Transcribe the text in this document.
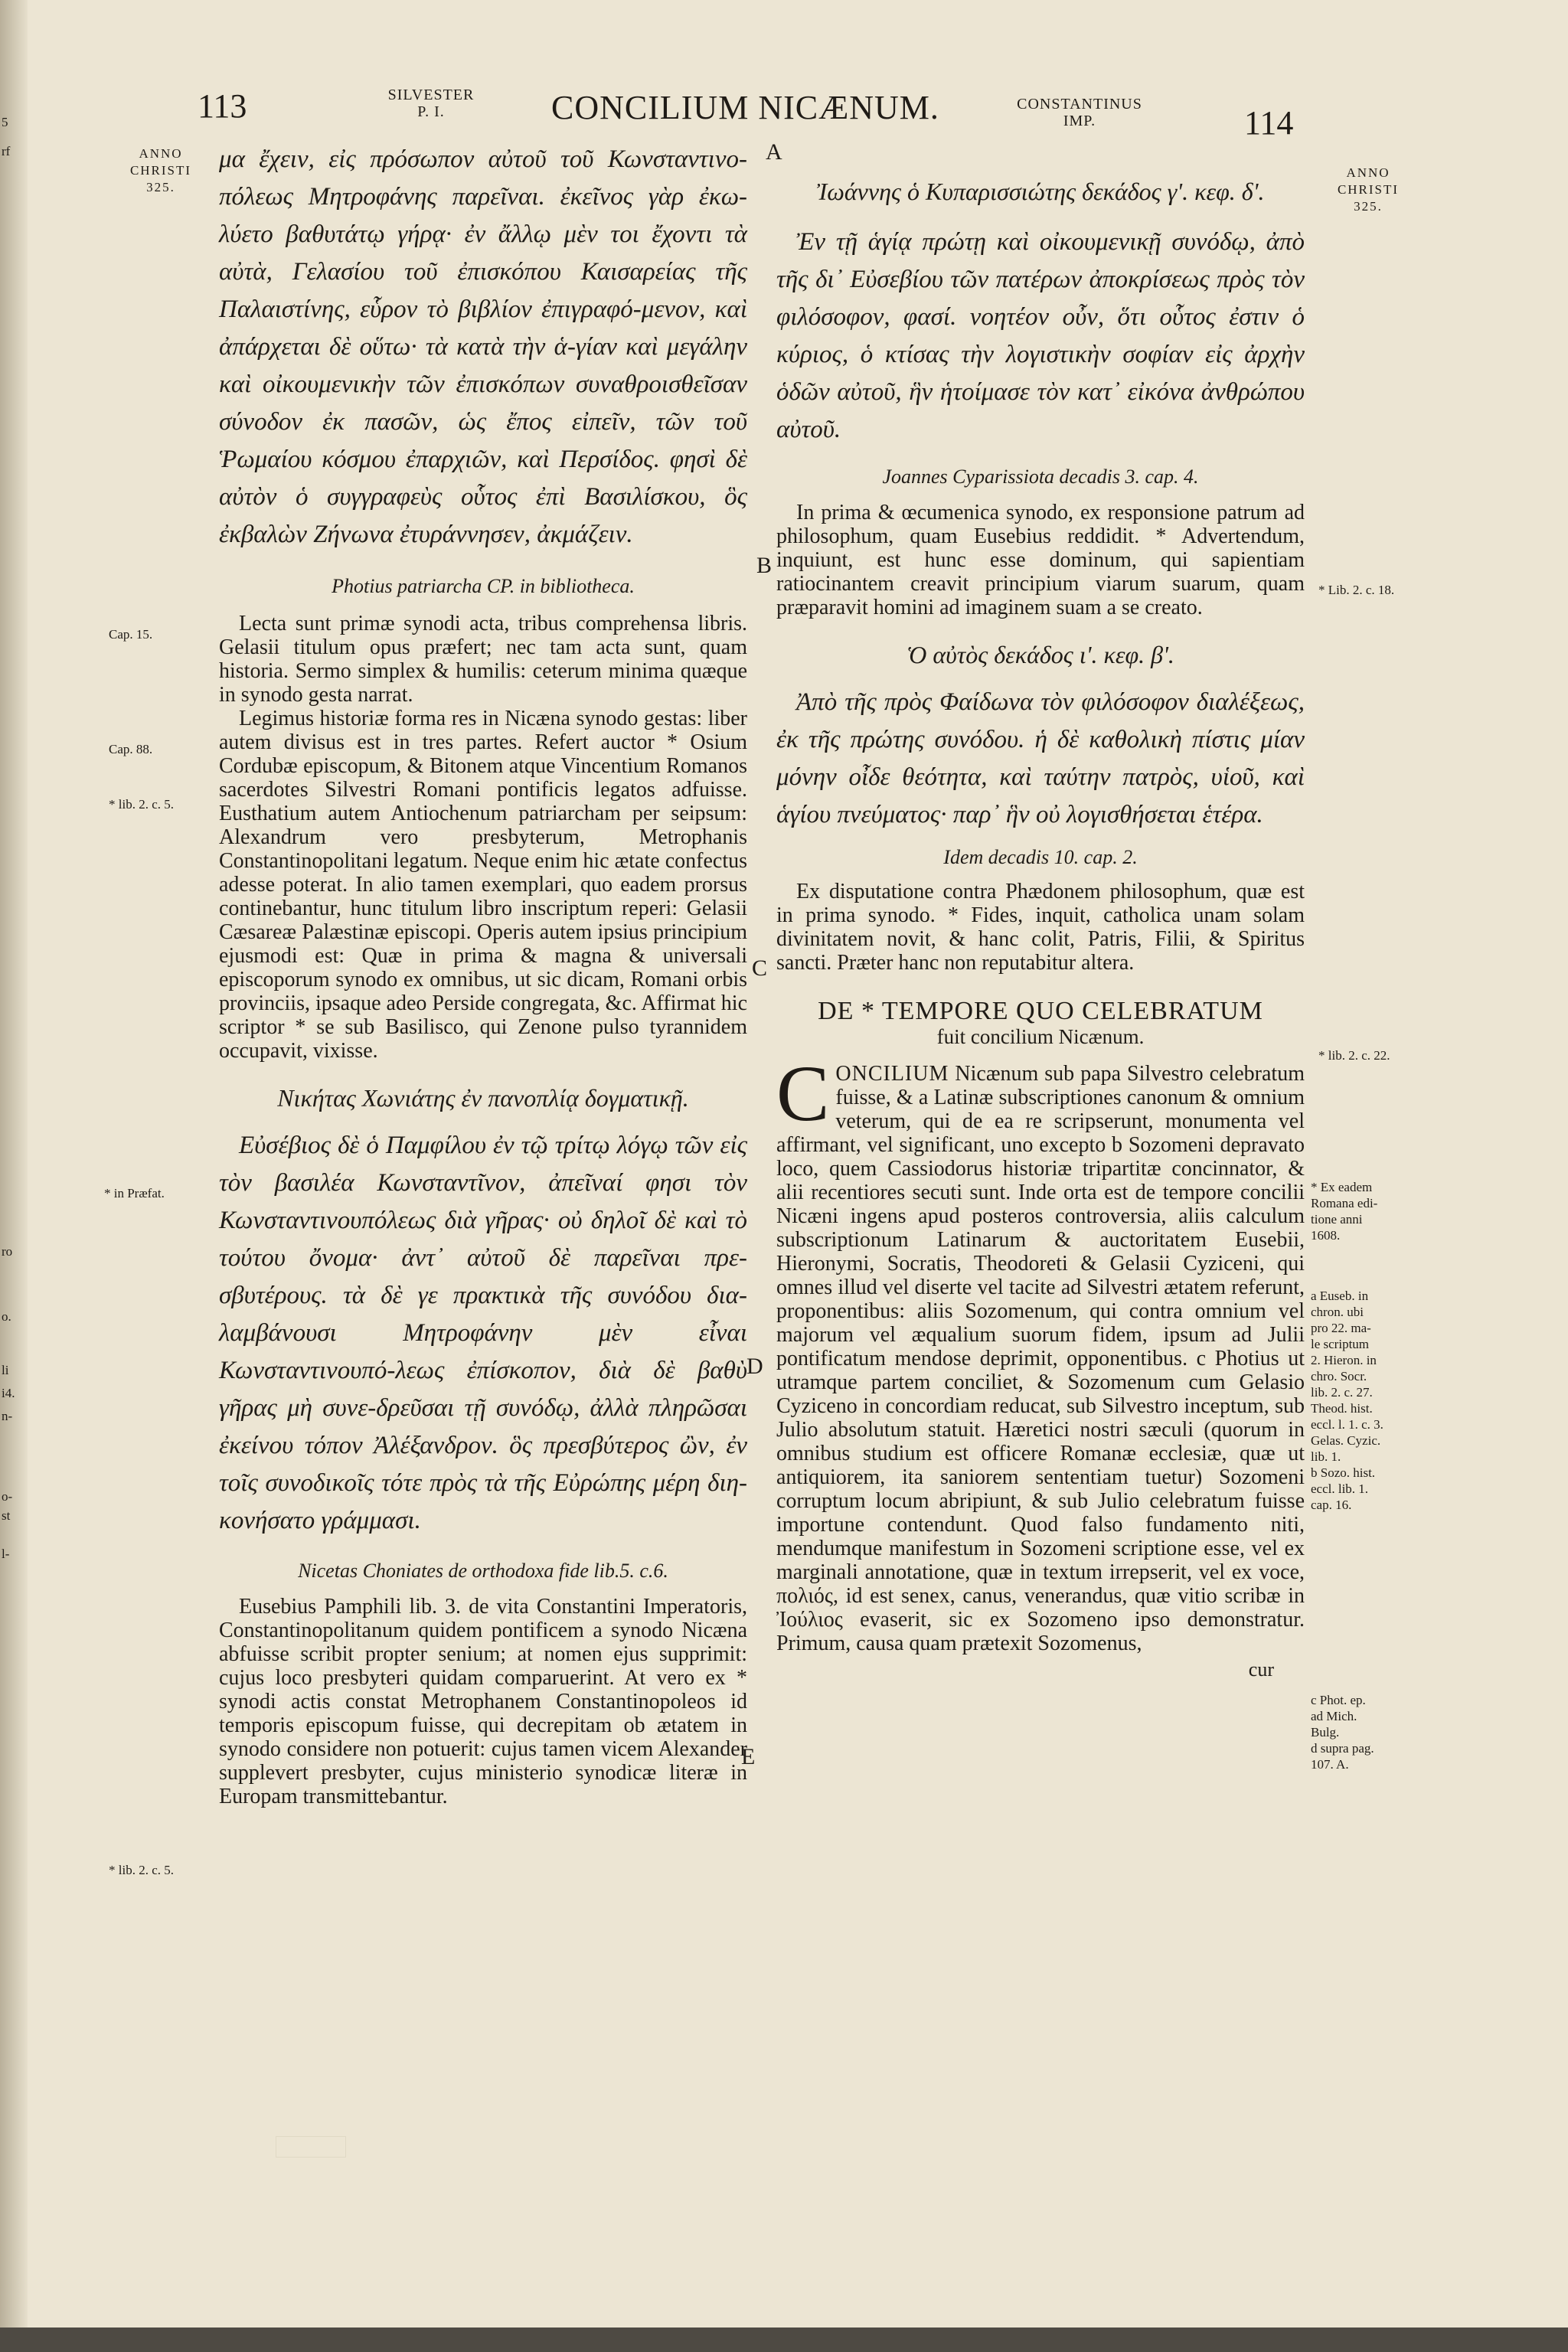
5
rf
ro
o.
li
i4.
n-
o-
st
l-
113	SILVESTER
P. I.	CONCILIUM NICÆNUM.	CONSTANTINUS
IMP.	114
ANNO
CHRISTI
325.
ANNO
CHRISTI
325.
A
B
C
D
E

μα ἔχειν, εἰς πρόσωπον αὐτοῦ τοῦ Κωνσταντινο-πόλεως Μητροφάνης παρεῖναι. ἐκεῖνος γὰρ ἐκω-λύετο βαθυτάτῳ γήρᾳ· ἐν ἄλλῳ μὲν τοι ἔχοντι τὰ αὐτὰ, Γελασίου τοῦ ἐπισκόπου Καισαρείας τῆς Παλαιστίνης, εὗρον τὸ βιβλίον ἐπιγραφό-μενον, καὶ ἀπάρχεται δὲ οὕτω· τὰ κατὰ τὴν ἁ-γίαν καὶ μεγάλην καὶ οἰκουμενικὴν τῶν ἐπισκόπων συναθροισθεῖσαν σύνοδον ἐκ πασῶν, ὡς ἔπος εἰπεῖν, τῶν τοῦ Ῥωμαίου κόσμου ἐπαρχιῶν, καὶ Περσίδος. φησὶ δὲ αὐτὸν ὁ συγγραφεὺς οὗτος ἐπὶ Βασιλίσκου, ὃς ἐκβαλὼν Ζήνωνα ἐτυράννησεν, ἀκμάζειν.

Photius patriarcha CP. in bibliotheca.

Lecta sunt primæ synodi acta, tribus comprehensa libris. Gelasii titulum opus præfert; nec tam acta sunt, quam historia. Sermo simplex & humilis: ceterum minima quæque in synodo gesta narrat.

Legimus historiæ forma res in Nicæna synodo gestas: liber autem divisus est in tres partes. Refert auctor * Osium Cordubæ episcopum, & Bitonem atque Vincentium Romanos sacerdotes Silvestri Romani pontificis legatos adfuisse. Eusthatium autem Antiochenum patriarcham per seipsum: Alexandrum vero presbyterum, Metrophanis Constantinopolitani legatum. Neque enim hic ætate confectus adesse poterat. In alio tamen exemplari, quo eadem prorsus continebantur, hunc titulum libro inscriptum reperi: Gelasii Cæsareæ Palæstinæ episcopi. Operis autem ipsius principium ejusmodi est: Quæ in prima & magna & universali episcoporum synodo ex omnibus, ut sic dicam, Romani orbis provinciis, ipsaque adeo Perside congregata, &c. Affirmat hic scriptor * se sub Basilisco, qui Zenone pulso tyrannidem occupavit, vixisse.

Νικήτας Χωνιάτης ἐν πανοπλίᾳ δογματικῇ.

Εὐσέβιος δὲ ὁ Παμφίλου ἐν τῷ τρίτῳ λόγῳ τῶν εἰς τὸν βασιλέα Κωνσταντῖνον, ἀπεῖναί φησι τὸν Κωνσταντινουπόλεως διὰ γῆρας· οὐ δηλοῖ δὲ καὶ τὸ τούτου ὄνομα· ἀντ᾽ αὐτοῦ δὲ παρεῖναι πρε-σβυτέρους. τὰ δὲ γε πρακτικὰ τῆς συνόδου δια-λαμβάνουσι Μητροφάνην μὲν εἶναι Κωνσταντινουπό-λεως ἐπίσκοπον, διὰ δὲ βαθὺ γῆρας μὴ συνε-δρεῦσαι τῇ συνόδῳ, ἀλλὰ πληρῶσαι ἐκείνου τόπον Ἀλέξανδρον. ὃς πρεσβύτερος ὢν, ἐν τοῖς συνοδικοῖς τότε πρὸς τὰ τῆς Εὐρώπης μέρη διη-κονήσατο γράμμασι.

Nicetas Choniates de orthodoxa fide lib.5. c.6.

Eusebius Pamphili lib. 3. de vita Constantini Imperatoris, Constantinopolitanum quidem pontificem a synodo Nicæna abfuisse scribit propter senium; at nomen ejus supprimit: cujus loco presbyteri quidam comparuerint. At vero ex * synodi actis constat Metrophanem Constantinopoleos id temporis episcopum fuisse, qui decrepitam ob ætatem in synodo considere non potuerit: cujus tamen vicem Alexander supplevert presbyter, cujus ministerio synodicæ literæ in Europam transmittebantur.

Cap. 15.
Cap. 88.
* lib. 2. c. 5.
* in Præfat.
* lib. 2. c. 5.
Ἰωάννης ὁ Κυπαρισσιώτης δεκάδος γ'. κεφ. δ'.

Ἐν τῇ ἁγίᾳ πρώτῃ καὶ οἰκουμενικῇ συνόδῳ, ἀπὸ τῆς δι᾽ Εὐσεβίου τῶν πατέρων ἀποκρίσεως πρὸς τὸν φιλόσοφον, φασί. νοητέον οὖν, ὅτι οὗτος ἐστιν ὁ κύριος, ὁ κτίσας τὴν λογιστικὴν σοφίαν εἰς ἀρχὴν ὁδῶν αὐτοῦ, ἣν ἡτοίμασε τὸν κατ᾽ εἰκόνα ἀνθρώπου αὐτοῦ.

Joannes Cyparissiota decadis 3. cap. 4.

In prima & œcumenica synodo, ex responsione patrum ad philosophum, quam Eusebius reddidit. * Advertendum, inquiunt, est hunc esse dominum, qui sapientiam ratiocinantem creavit principium viarum suarum, quam præparavit homini ad imaginem suam a se creato.

Ὁ αὐτὸς δεκάδος ι'. κεφ. β'.

Ἀπὸ τῆς πρὸς Φαίδωνα τὸν φιλόσοφον διαλέξεως, ἐκ τῆς πρώτης συνόδου. ἡ δὲ καθολικὴ πίστις μίαν μόνην οἶδε θεότητα, καὶ ταύτην πατρὸς, υἱοῦ, καὶ ἁγίου πνεύματος· παρ᾽ ἣν οὐ λογισθήσεται ἑτέρα.

Idem decadis 10. cap. 2.

Ex disputatione contra Phædonem philosophum, quæ est in prima synodo. * Fides, inquit, catholica unam solam divinitatem novit, & hanc colit, Patris, Filii, & Spiritus sancti. Præter hanc non reputabitur altera.

DE * TEMPORE QUO CELEBRATUM
fuit concilium Nicænum.

CONCILIUM Nicænum sub papa Silvestro celebratum fuisse, & a Latinæ subscriptiones canonum & omnium veterum, qui de ea re scripserunt, monumenta vel affirmant, vel significant, uno excepto b Sozomeni depravato loco, quem Cassiodorus historiæ tripartitæ concinnator, & alii recentiores secuti sunt. Inde orta est de tempore concilii Nicæni ingens apud posteros controversia, aliis calculum subscriptionum Latinarum & auctoritatem Eusebii, Hieronymi, Socratis, Theodoreti & Gelasii Cyziceni, qui omnes illud vel diserte vel tacite ad Silvestri ætatem referunt, proponentibus: aliis Sozomenum, qui contra omnium vel majorum vel æqualium suorum fidem, ipsum ad Julii pontificatum mendose deprimit, opponentibus. c Photius ut utramque partem conciliet, & Sozomenum cum Gelasio Cyziceno in concordiam reducat, sub Silvestro inceptum, sub Julio absolutum statuit. Hæretici nostri sæculi (quorum in omnibus studium est officere Romanæ ecclesiæ, quæ ut antiquiorem, ita saniorem sententiam tuetur) Sozomeni corruptum locum abripiunt, & sub Julio celebratum fuisse importune contendunt. Quod falso fundamento niti, mendumque manifestum in Sozomeni scriptione esse, vel ex marginali annotatione, quæ in textum irrepserit, vel ex voce, πολιός, id est senex, canus, venerandus, quæ vitio scribæ in Ἰούλιος evaserit, sic ex Sozomeno ipso demonstratur. Primum, causa quam prætexit Sozomenus,

cur
* Lib. 2. c. 18.
* lib. 2. c. 22.
* Ex eadem
Romana edi-
tione anni
1608.
a Euseb. in
chron. ubi
pro 22. ma-
le scriptum
2. Hieron. in
chro. Socr.
lib. 2. c. 27.
Theod. hist.
eccl. l. 1. c. 3.
Gelas. Cyzic.
lib. 1.
b Sozo. hist.
eccl. lib. 1.
cap. 16.
c Phot. ep.
ad Mich.
Bulg.
d supra pag.
107. A.
